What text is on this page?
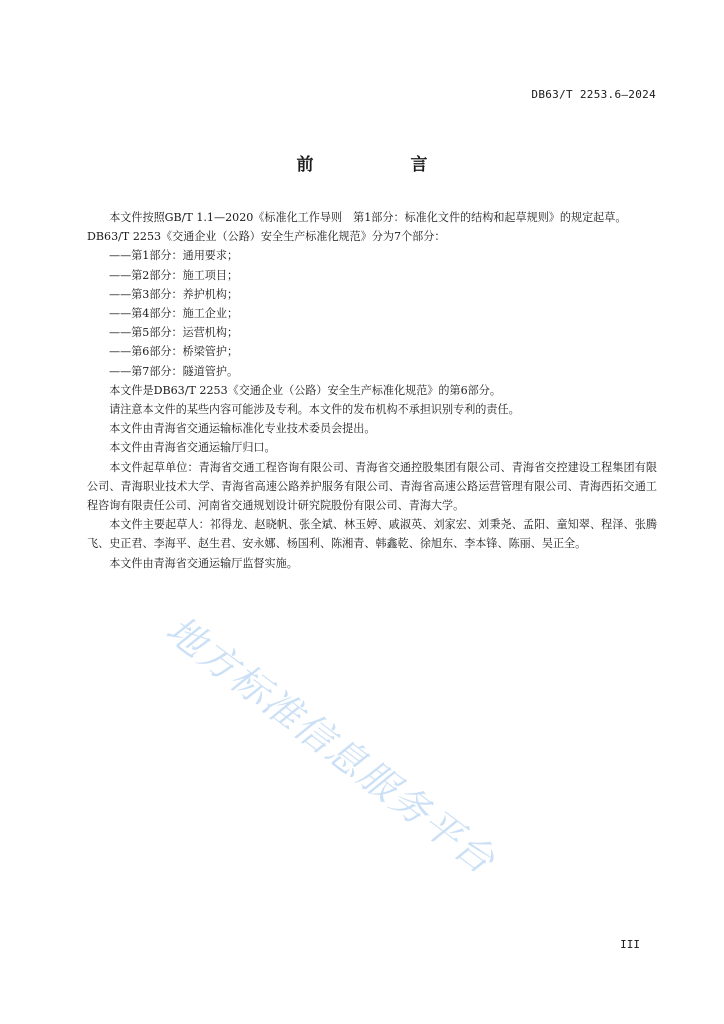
DB63/T 2253.6—2024

前　言

本文件按照GB/T 1.1—2020《标准化工作导则　第1部分：标准化文件的结构和起草规则》的规定起草。

DB63/T 2253《交通企业（公路）安全生产标准化规范》分为7个部分：

——第1部分：通用要求；
——第2部分：施工项目；
——第3部分：养护机构；
——第4部分：施工企业；
——第5部分：运营机构；
——第6部分：桥梁管护；
——第7部分：隧道管护。

本文件是DB63/T 2253《交通企业（公路）安全生产标准化规范》的第6部分。

请注意本文件的某些内容可能涉及专利。本文件的发布机构不承担识别专利的责任。

本文件由青海省交通运输标准化专业技术委员会提出。

本文件由青海省交通运输厅归口。

本文件起草单位：青海省交通工程咨询有限公司、青海省交通控股集团有限公司、青海省交控建设工程集团有限公司、青海职业技术大学、青海省高速公路养护服务有限公司、青海省高速公路运营管理有限公司、青海西拓交通工程咨询有限责任公司、河南省交通规划设计研究院股份有限公司、青海大学。

本文件主要起草人：祁得龙、赵晓帆、张全斌、林玉婷、戚淑英、刘家宏、刘秉尧、孟阳、童知翠、程泽、张腾飞、史正君、李海平、赵生君、安永娜、杨国利、陈湘青、韩鑫乾、徐旭东、李本锋、陈丽、吴正全。

本文件由青海省交通运输厅监督实施。

地方标准信息服务平台

III
